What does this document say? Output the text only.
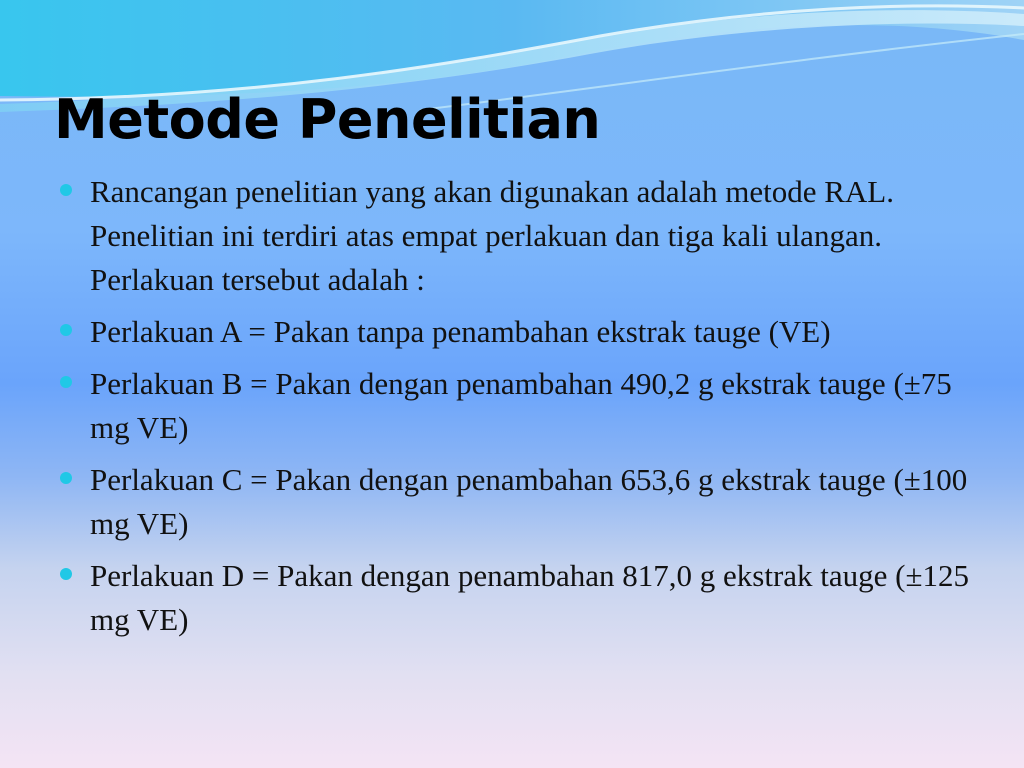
Metode Penelitian
Rancangan penelitian yang akan digunakan adalah metode RAL. Penelitian ini terdiri atas empat perlakuan dan tiga kali ulangan. Perlakuan tersebut adalah :
Perlakuan A = Pakan tanpa penambahan ekstrak tauge (VE)
Perlakuan B = Pakan dengan penambahan 490,2 g ekstrak tauge (±75 mg VE)
Perlakuan C = Pakan dengan penambahan 653,6 g ekstrak tauge (±100 mg VE)
Perlakuan D = Pakan dengan penambahan 817,0 g ekstrak tauge (±125 mg VE)
